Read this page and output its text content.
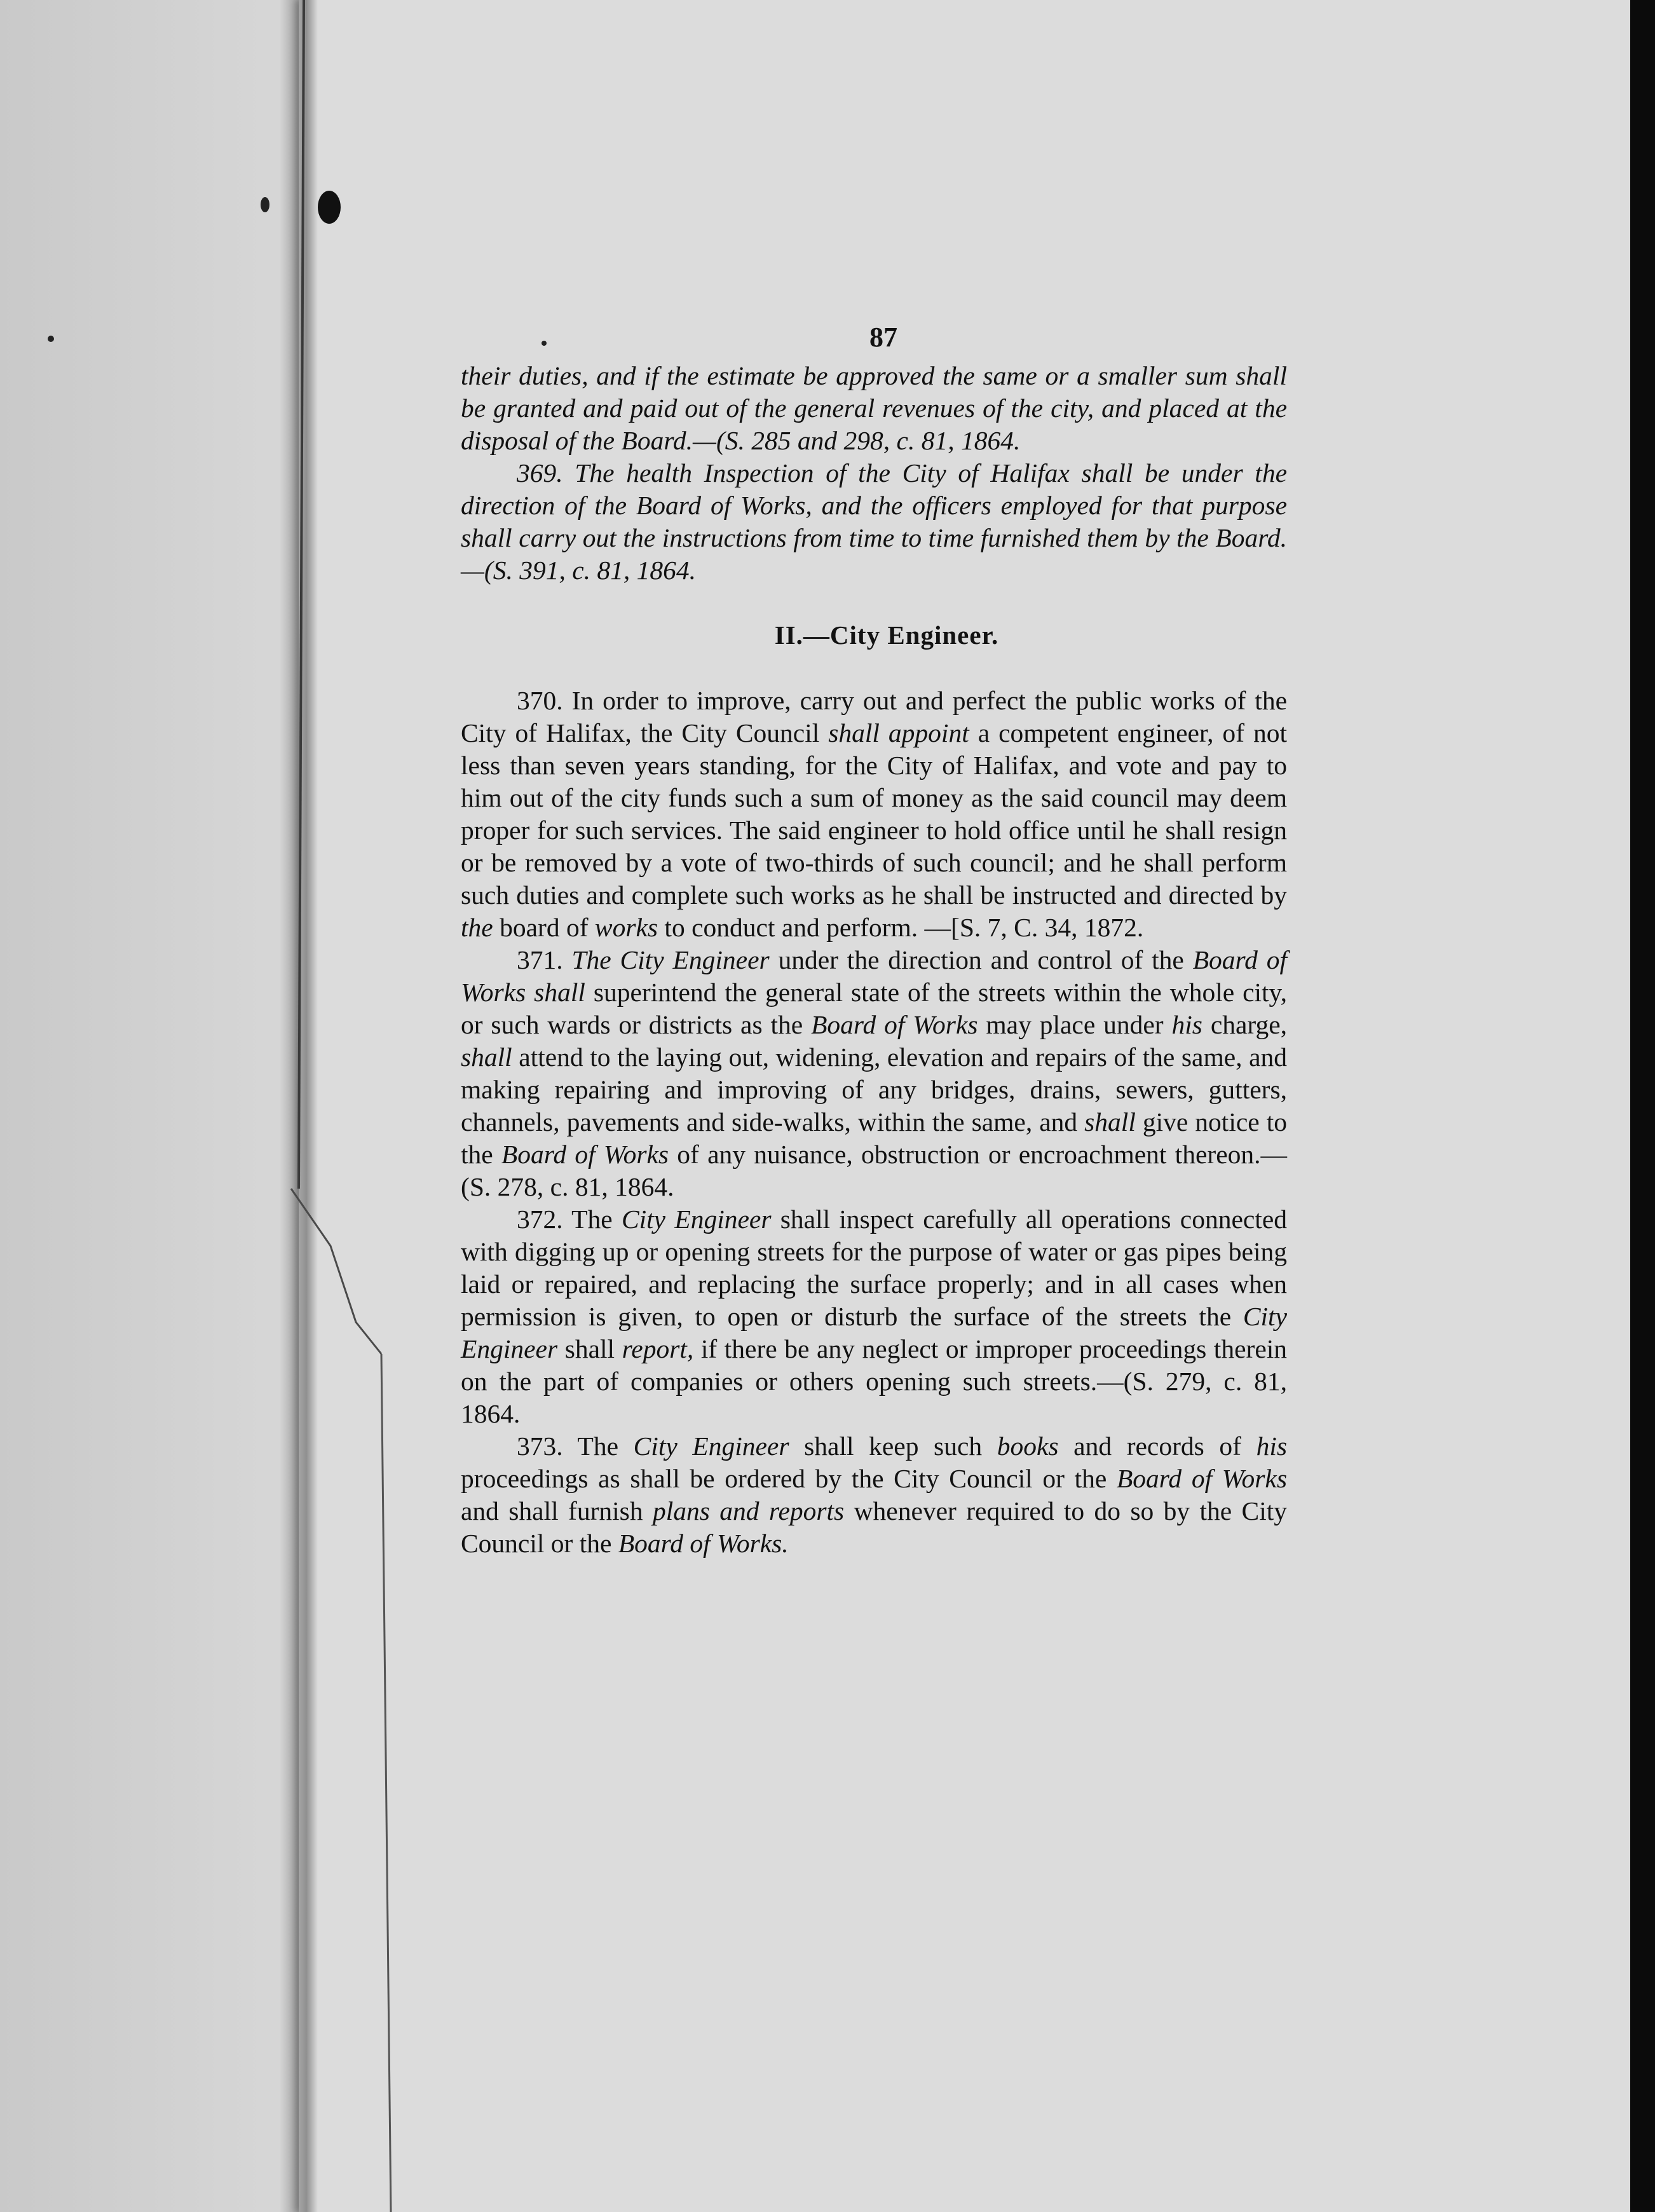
87

their duties, and if the estimate be approved the same or a smaller sum shall be granted and paid out of the general revenues of the city, and placed at the disposal of the Board.—(S. 285 and 298, c. 81, 1864.

369. The health Inspection of the City of Halifax shall be under the direction of the Board of Works, and the officers employed for that purpose shall carry out the instructions from time to time furnished them by the Board.—(S. 391, c. 81, 1864.

II.—City Engineer.

370. In order to improve, carry out and perfect the public works of the City of Halifax, the City Council shall appoint a competent engineer, of not less than seven years standing, for the City of Halifax, and vote and pay to him out of the city funds such a sum of money as the said council may deem proper for such services. The said engineer to hold office until he shall resign or be removed by a vote of two-thirds of such council; and he shall perform such duties and complete such works as he shall be instructed and directed by the board of works to conduct and perform. —[S. 7, C. 34, 1872.

371. The City Engineer under the direction and control of the Board of Works shall superintend the general state of the streets within the whole city, or such wards or districts as the Board of Works may place under his charge, shall attend to the laying out, widening, elevation and repairs of the same, and making repairing and improving of any bridges, drains, sewers, gutters, channels, pavements and side-walks, within the same, and shall give notice to the Board of Works of any nuisance, obstruction or encroachment thereon.—(S. 278, c. 81, 1864.

372. The City Engineer shall inspect carefully all operations connected with digging up or opening streets for the purpose of water or gas pipes being laid or repaired, and replacing the surface properly; and in all cases when permission is given, to open or disturb the surface of the streets the City Engineer shall report, if there be any neglect or improper proceedings therein on the part of companies or others opening such streets.—(S. 279, c. 81, 1864.

373. The City Engineer shall keep such books and records of his proceedings as shall be ordered by the City Council or the Board of Works and shall furnish plans and reports whenever required to do so by the City Council or the Board of Works.
